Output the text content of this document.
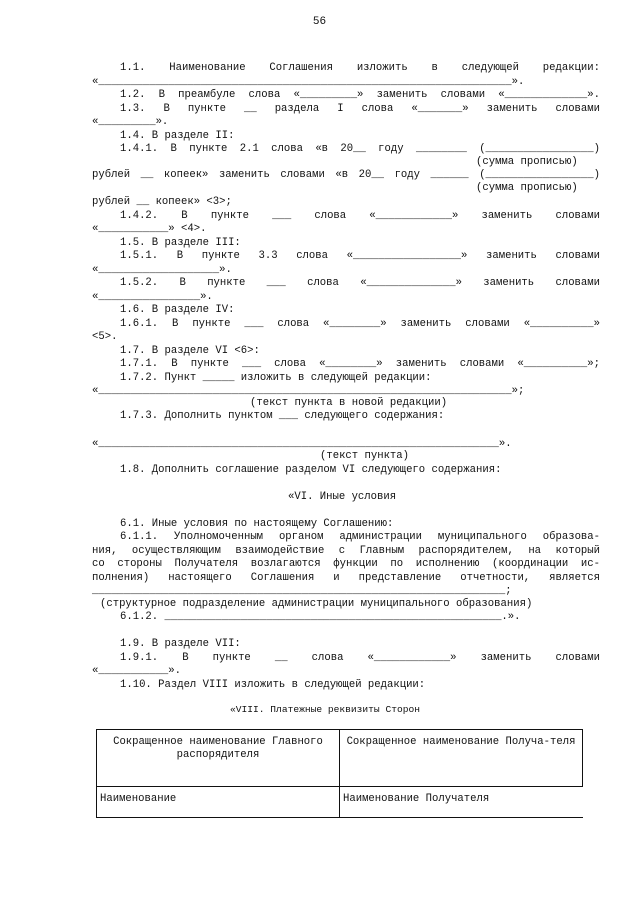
56
1.1. Наименование Соглашения изложить в следующей редакции:
«_________________________________________________________________».
1.2. В преамбуле слова «_________» заменить словами «_____________».
1.3. В пункте __ раздела I слова «_______» заменить словами
«_________».
1.4. В разделе II:
1.4.1. В пункте 2.1 слова «в 20__ году ________ (_________________)
(сумма прописью)
рублей __ копеек» заменить словами «в 20__ году ______ (_________________)
(сумма прописью)
рублей __ копеек» <3>;
1.4.2. В пункте ___ слова «____________» заменить словами
«___________» <4>.
1.5. В разделе III:
1.5.1. В пункте 3.3 слова «_________________» заменить словами
«___________________».
1.5.2. В пункте ___ слова «______________» заменить словами
«________________».
1.6. В разделе IV:
1.6.1. В пункте ___ слова «________» заменить словами «__________»
<5>.
1.7. В разделе VI <6>:
1.7.1. В пункте ___ слова «________» заменить словами «__________»;
1.7.2. Пункт _____ изложить в следующей редакции:
«_________________________________________________________________»;
(текст пункта в новой редакции)
1.7.3. Дополнить пунктом ___ следующего содержания:
«_______________________________________________________________».
(текст пункта)
1.8. Дополнить соглашение разделом VI следующего содержания:
«VI. Иные условия
6.1. Иные условия по настоящему Соглашению:
6.1.1. Уполномоченным органом администрации муниципального образова-
ния, осуществляющим взаимодействие с Главным распорядителем, на который
со стороны Получателя возлагаются функции по исполнению (координации ис-
полнения) настоящего Соглашения и представление отчетности, является
_________________________________________________________________;
(структурное подразделение администрации муниципального образования)
6.1.2. _____________________________________________________.».
1.9. В разделе VII:
1.9.1. В пункте __ слова «____________» заменить словами
«___________».
1.10. Раздел VIII изложить в следующей редакции:
«VIII. Платежные реквизиты Сторон
Сокращенное наименование Главного распорядителя	Сокращенное наименование Получа-теля
Наименование	Наименование Получателя
